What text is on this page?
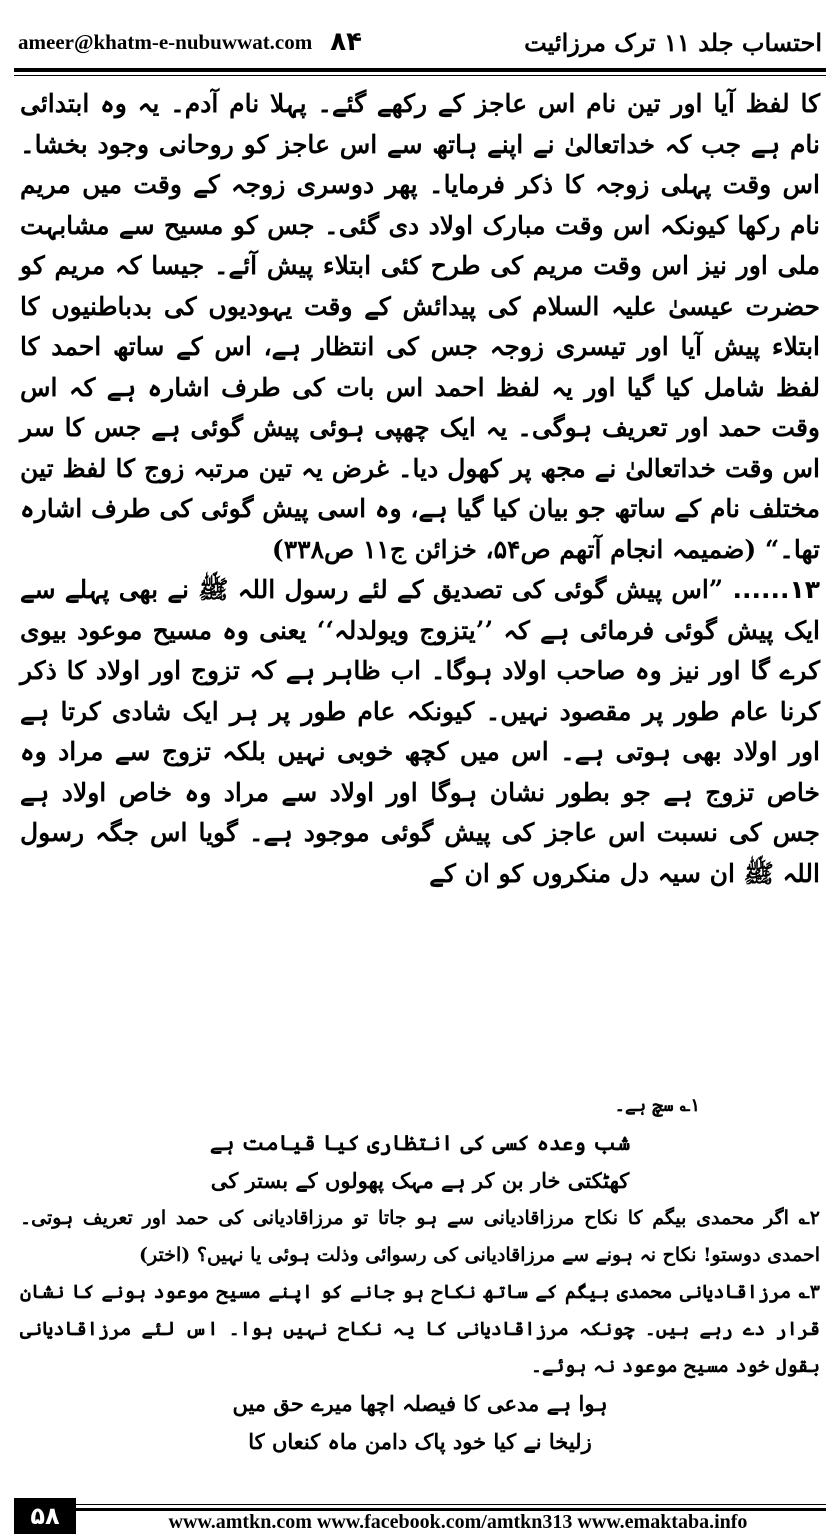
ameer@khatm-e-nubuwwat.com ۸۴	احتساب جلد ۱۱ ترک مرزائیت

کا لفظ آیا اور تین نام اس عاجز کے رکھے گئے۔ پہلا نام آدم۔ یہ وہ ابتدائی نام ہے جب کہ خداتعالیٰ نے اپنے ہاتھ سے اس عاجز کو روحانی وجود بخشا۔ اس وقت پہلی زوجہ کا ذکر فرمایا۔ پھر دوسری زوجہ کے وقت میں مریم نام رکھا کیونکہ اس وقت مبارک اولاد دی گئی۔ جس کو مسیح سے مشابہت ملی اور نیز اس وقت مریم کی طرح کئی ابتلاء پیش آئے۔ جیسا کہ مریم کو حضرت عیسیٰ علیہ السلام کی پیدائش کے وقت یہودیوں کی بدباطنیوں کا ابتلاء پیش آیا اور تیسری زوجہ جس کی انتظار ہے، اس کے ساتھ احمد کا لفظ شامل کیا گیا اور یہ لفظ احمد اس بات کی طرف اشارہ ہے کہ اس وقت حمد اور تعریف ہوگی۔ یہ ایک چھپی ہوئی پیش گوئی ہے جس کا سر اس وقت خداتعالیٰ نے مجھ پر کھول دیا۔ غرض یہ تین مرتبہ زوج کا لفظ تین مختلف نام کے ساتھ جو بیان کیا گیا ہے، وہ اسی پیش گوئی کی طرف اشارہ تھا۔“ (ضمیمہ انجام آتھم ص۵۴، خزائن ج۱۱ ص۳۳۸)

۱۳...... ”اس پیش گوئی کی تصدیق کے لئے رسول اللہ ﷺ نے بھی پہلے سے ایک پیش گوئی فرمائی ہے کہ ’’یتزوج ویولدلہ‘‘ یعنی وہ مسیح موعود بیوی کرے گا اور نیز وہ صاحب اولاد ہوگا۔ اب ظاہر ہے کہ تزوج اور اولاد کا ذکر کرنا عام طور پر مقصود نہیں۔ کیونکہ عام طور پر ہر ایک شادی کرتا ہے اور اولاد بھی ہوتی ہے۔ اس میں کچھ خوبی نہیں بلکہ تزوج سے مراد وہ خاص تزوج ہے جو بطور نشان ہوگا اور اولاد سے مراد وہ خاص اولاد ہے جس کی نسبت اس عاجز کی پیش گوئی موجود ہے۔ گویا اس جگہ رسول اللہ ﷺ ان سیہ دل منکروں کو ان کے

۱؎ سچ ہے۔
شب وعدہ کسی کی انتظاری کیا قیامت ہے
کھٹکتی خار بن کر ہے مہک پھولوں کے بستر کی
۲؎ اگر محمدی بیگم کا نکاح مرزاقادیانی سے ہو جاتا تو مرزاقادیانی کی حمد اور تعریف ہوتی۔ احمدی دوستو! نکاح نہ ہونے سے مرزاقادیانی کی رسوائی وذلت ہوئی یا نہیں؟ (اختر)
۳؎ مرزاقادیانی محمدی بیگم کے ساتھ نکاح ہو جانے کو اپنے مسیح موعود ہونے کا نشان قرار دے رہے ہیں۔ چونکہ مرزاقادیانی کا یہ نکاح نہیں ہوا۔ اس لئے مرزاقادیانی بقول خود مسیح موعود نہ ہوئے۔
ہوا ہے مدعی کا فیصلہ اچھا میرے حق میں
زلیخا نے کیا خود پاک دامن ماہ کنعاں کا
۵۸	www.amtkn.com www.facebook.com/amtkn313 www.emaktaba.info
